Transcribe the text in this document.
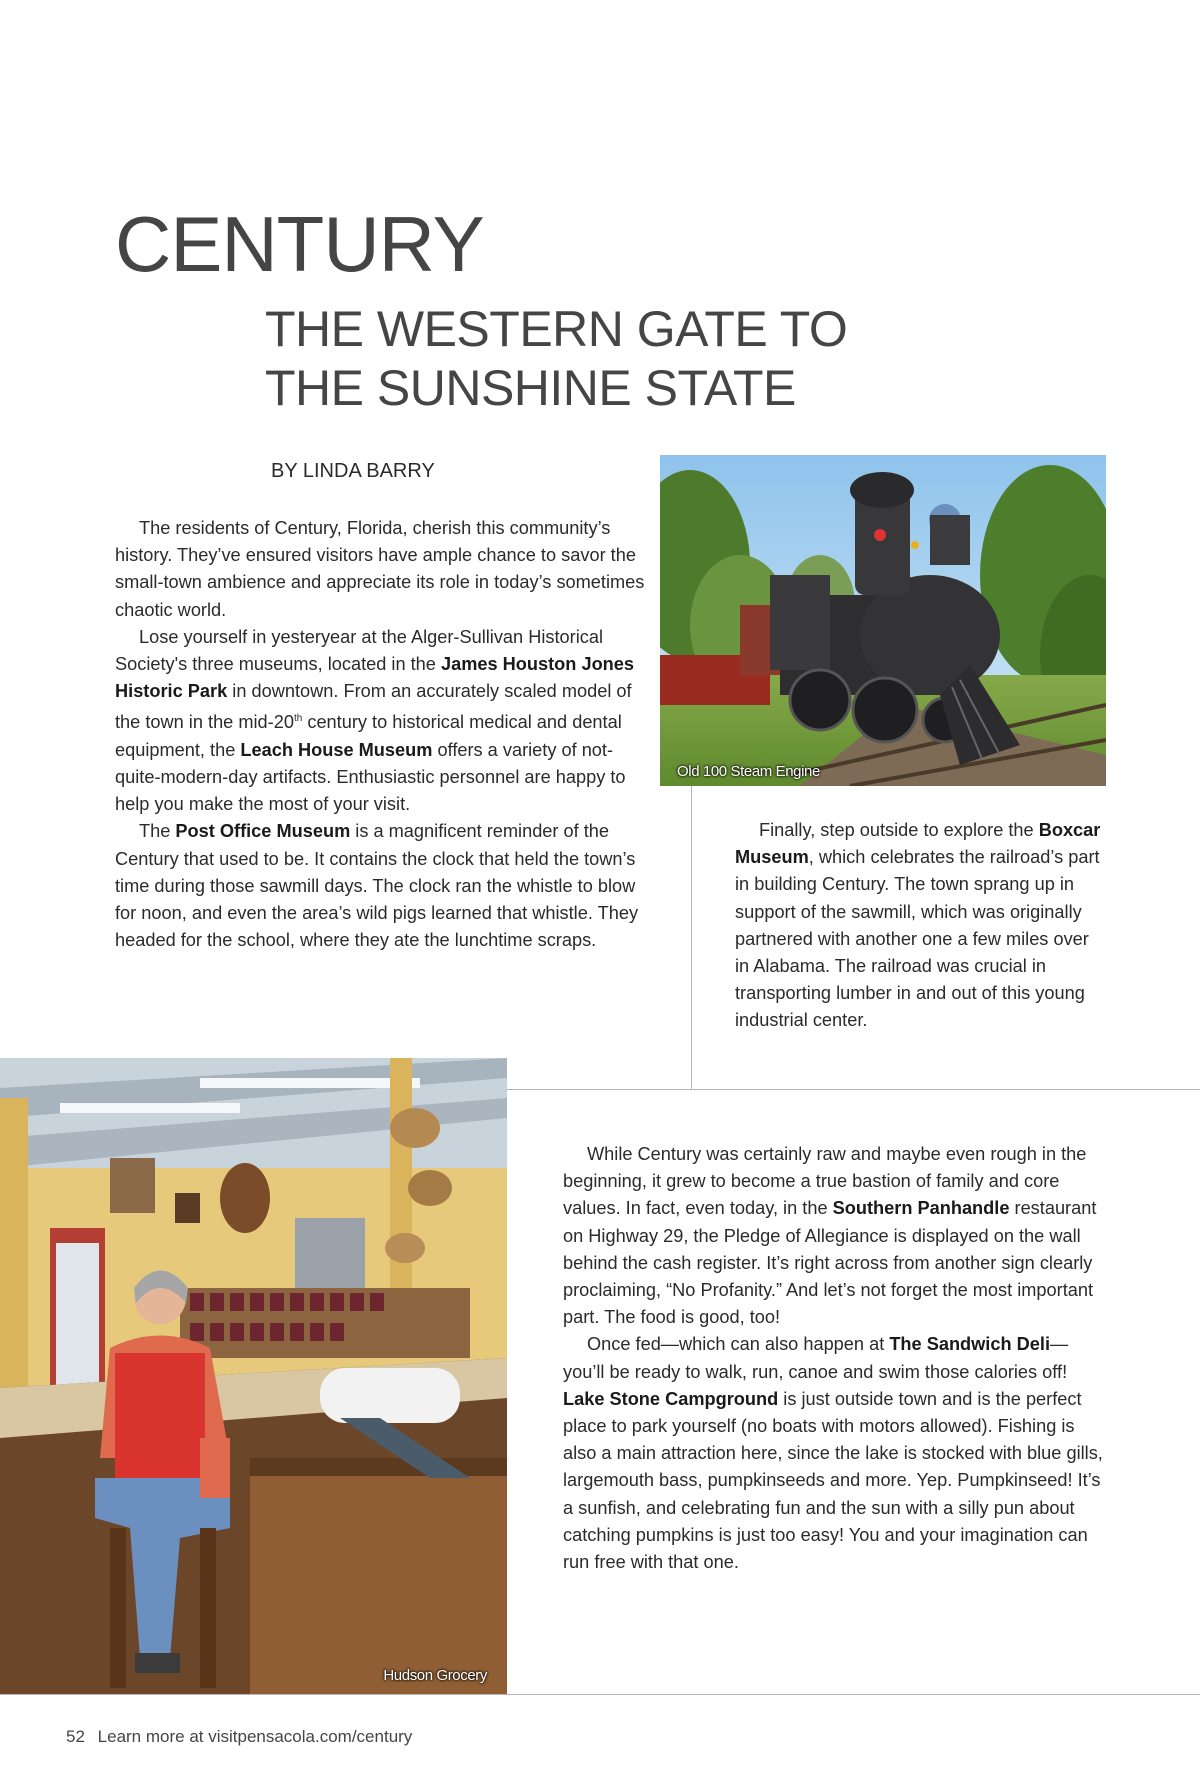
CENTURY
THE WESTERN GATE TO
THE SUNSHINE STATE
BY LINDA BARRY

The residents of Century, Florida, cherish this community’s history. They’ve ensured visitors have ample chance to savor the small-town ambience and appreciate its role in today’s sometimes chaotic world.

Lose yourself in yesteryear at the Alger-Sullivan Historical Society's three museums, located in the James Houston Jones Historic Park in downtown. From an accurately scaled model of the town in the mid-20th century to historical medical and dental equipment, the Leach House Museum offers a variety of not-quite-modern-day artifacts. Enthusiastic personnel are happy to help you make the most of your visit.

The Post Office Museum is a magnificent reminder of the Century that used to be. It contains the clock that held the town’s time during those sawmill days. The clock ran the whistle to blow for noon, and even the area’s wild pigs learned that whistle. They headed for the school, where they ate the lunchtime scraps.

Old 100 Steam Engine

Finally, step outside to explore the Boxcar Museum, which celebrates the railroad’s part in building Century. The town sprang up in support of the sawmill, which was originally partnered with another one a few miles over in Alabama. The railroad was crucial in transporting lumber in and out of this young industrial center.

Hudson Grocery

While Century was certainly raw and maybe even rough in the beginning, it grew to become a true bastion of family and core values. In fact, even today, in the Southern Panhandle restaurant on Highway 29, the Pledge of Allegiance is displayed on the wall behind the cash register. It’s right across from another sign clearly proclaiming, “No Profanity.” And let’s not forget the most important part. The food is good, too!

Once fed—which can also happen at The Sandwich Deli—you’ll be ready to walk, run, canoe and swim those calories off! Lake Stone Campground is just outside town and is the perfect place to park yourself (no boats with motors allowed). Fishing is also a main attraction here, since the lake is stocked with blue gills, largemouth bass, pumpkinseeds and more. Yep. Pumpkinseed! It’s a sunfish, and celebrating fun and the sun with a silly pun about catching pumpkins is just too easy! You and your imagination can run free with that one.

52 Learn more at visitpensacola.com/century
